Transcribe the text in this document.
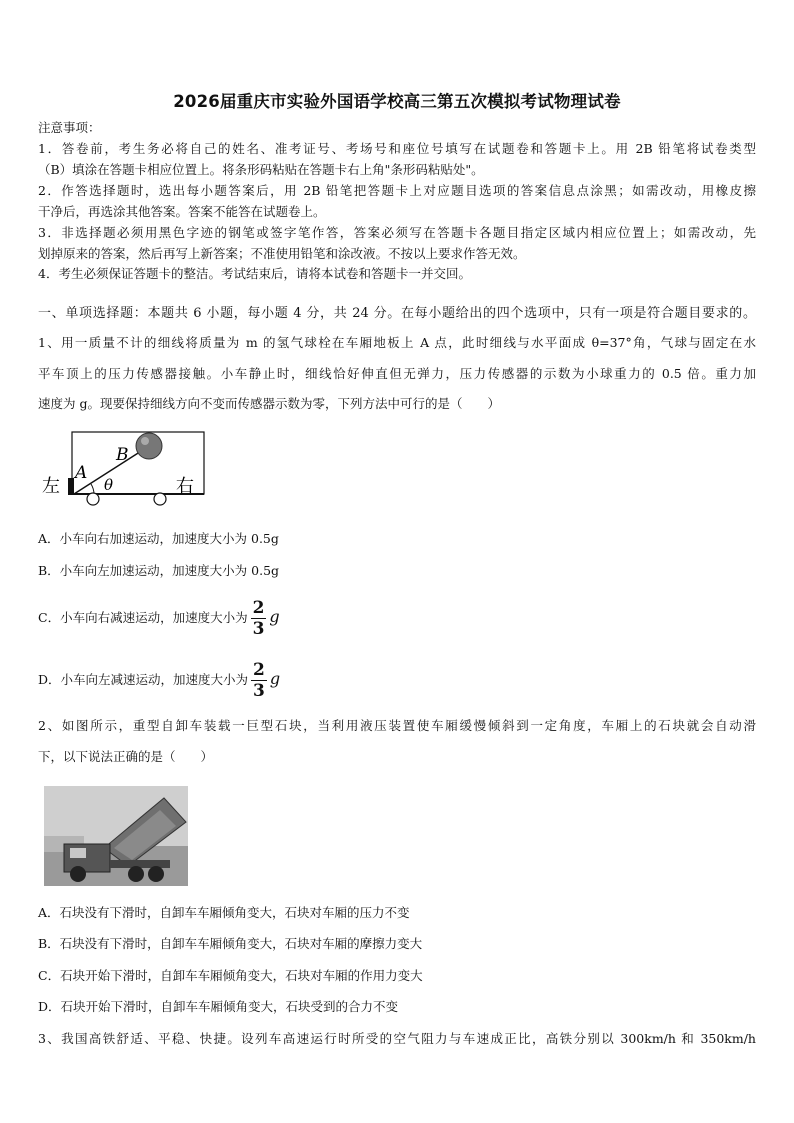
2026届重庆市实验外国语学校高三第五次模拟考试物理试卷
注意事项：
1．答卷前，考生务必将自己的姓名、准考证号、考场号和座位号填写在试题卷和答题卡上。用 2B 铅笔将试卷类型
（B）填涂在答题卡相应位置上。将条形码粘贴在答题卡右上角"条形码粘贴处"。
2．作答选择题时，选出每小题答案后，用 2B 铅笔把答题卡上对应题目选项的答案信息点涂黑；如需改动，用橡皮擦
干净后，再选涂其他答案。答案不能答在试题卷上。
3．非选择题必须用黑色字迹的钢笔或签字笔作答，答案必须写在答题卡各题目指定区域内相应位置上；如需改动，先
划掉原来的答案，然后再写上新答案；不准使用铅笔和涂改液。不按以上要求作答无效。
4．考生必须保证答题卡的整洁。考试结束后，请将本试卷和答题卡一并交回。
一、单项选择题：本题共 6 小题，每小题 4 分，共 24 分。在每小题给出的四个选项中，只有一项是符合题目要求的。
1、用一质量不计的细线将质量为 m 的氢气球栓在车厢地板上 A 点，此时细线与水平面成 θ=37°角，气球与固定在水
平车顶上的压力传感器接触。小车静止时，细线恰好伸直但无弹力，压力传感器的示数为小球重力的 0.5 倍。重力加
速度为 g。现要保持细线方向不变而传感器示数为零，下列方法中可行的是（　　）
左	右
A
B
θ
A．小车向右加速运动，加速度大小为 0.5g
B．小车向左加速运动，加速度大小为 0.5g
C．小车向右减速运动，加速度大小为 $\frac{2}{3}$ g
D．小车向左减速运动，加速度大小为 $\frac{2}{3}$ g
2、如图所示，重型自卸车装载一巨型石块，当利用液压装置使车厢缓慢倾斜到一定角度，车厢上的石块就会自动滑
下，以下说法正确的是（　　）
A．石块没有下滑时，自卸车车厢倾角变大，石块对车厢的压力不变
B．石块没有下滑时，自卸车车厢倾角变大，石块对车厢的摩擦力变大
C．石块开始下滑时，自卸车车厢倾角变大，石块对车厢的作用力变大
D．石块开始下滑时，自卸车车厢倾角变大，石块受到的合力不变
3、我国高铁舒适、平稳、快捷。设列车高速运行时所受的空气阻力与车速成正比，高铁分别以 300km/h 和 350km/h
